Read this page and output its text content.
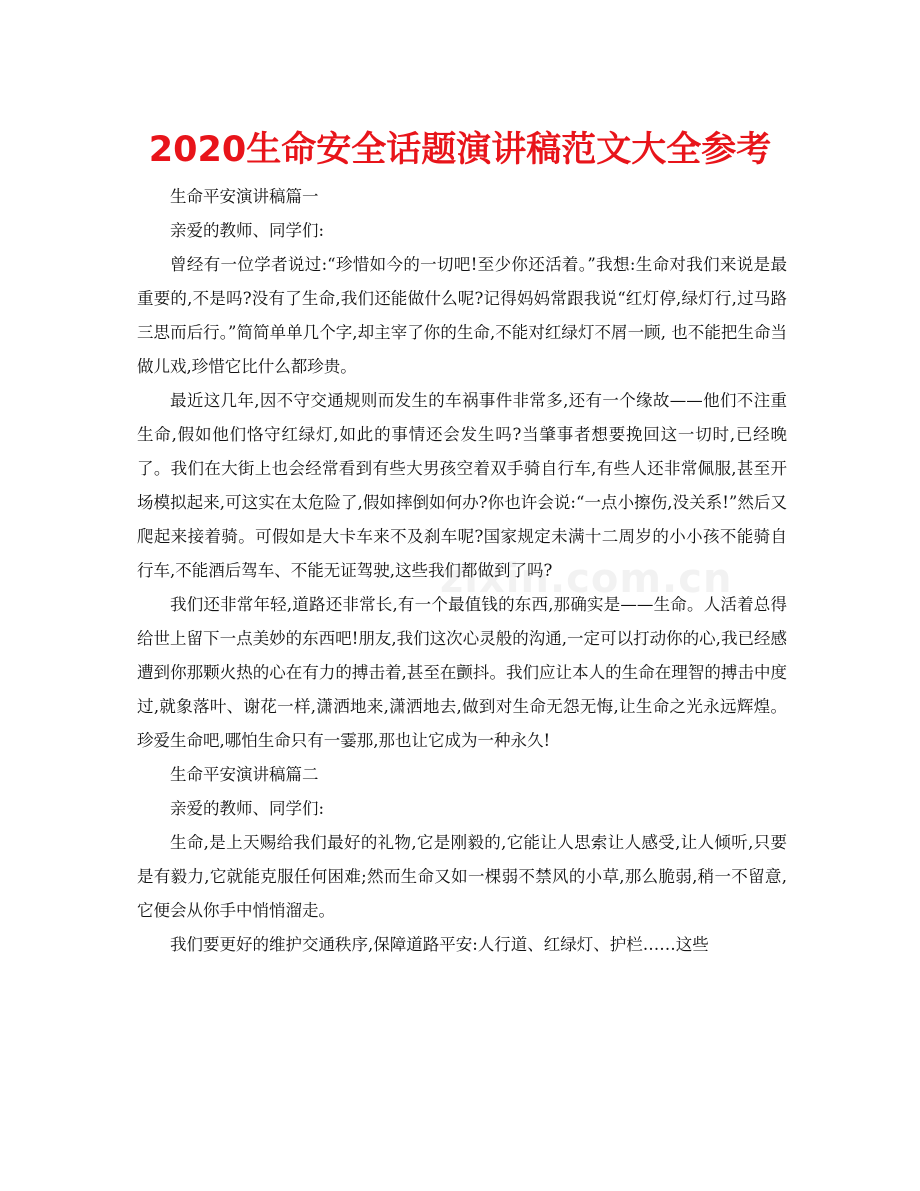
2020生命安全话题演讲稿范文大全参考

生命平安演讲稿篇一

亲爱的教师、同学们:

曾经有一位学者说过:“珍惜如今的一切吧!至少你还活着。”我想:生命对我们来说是最重要的,不是吗?没有了生命,我们还能做什么呢?记得妈妈常跟我说“红灯停,绿灯行,过马路三思而后行。”简简单单几个字,却主宰了你的生命,不能对红绿灯不屑一顾, 也不能把生命当做儿戏,珍惜它比什么都珍贵。

最近这几年,因不守交通规则而发生的车祸事件非常多,还有一个缘故——他们不注重生命,假如他们恪守红绿灯,如此的事情还会发生吗?当肇事者想要挽回这一切时,已经晚了。我们在大街上也会经常看到有些大男孩空着双手骑自行车,有些人还非常佩服,甚至开场模拟起来,可这实在太危险了,假如摔倒如何办?你也许会说:“一点小擦伤,没关系!”然后又爬起来接着骑。可假如是大卡车来不及刹车呢?国家规定未满十二周岁的小小孩不能骑自行车,不能酒后驾车、不能无证驾驶,这些我们都做到了吗?

我们还非常年轻,道路还非常长,有一个最值钱的东西,那确实是——生命。人活着总得给世上留下一点美妙的东西吧!朋友,我们这次心灵般的沟通,一定可以打动你的心,我已经感遭到你那颗火热的心在有力的搏击着,甚至在颤抖。我们应让本人的生命在理智的搏击中度过,就象落叶、谢花一样,潇洒地来,潇洒地去,做到对生命无怨无悔,让生命之光永远辉煌。珍爱生命吧,哪怕生命只有一霎那,那也让它成为一种永久!

生命平安演讲稿篇二

亲爱的教师、同学们:

生命,是上天赐给我们最好的礼物,它是刚毅的,它能让人思索让人感受,让人倾听,只要是有毅力,它就能克服任何困难;然而生命又如一棵弱不禁风的小草,那么脆弱,稍一不留意,它便会从你手中悄悄溜走。

我们要更好的维护交通秩序,保障道路平安:人行道、红绿灯、护栏……这些

zixin.com.cn
